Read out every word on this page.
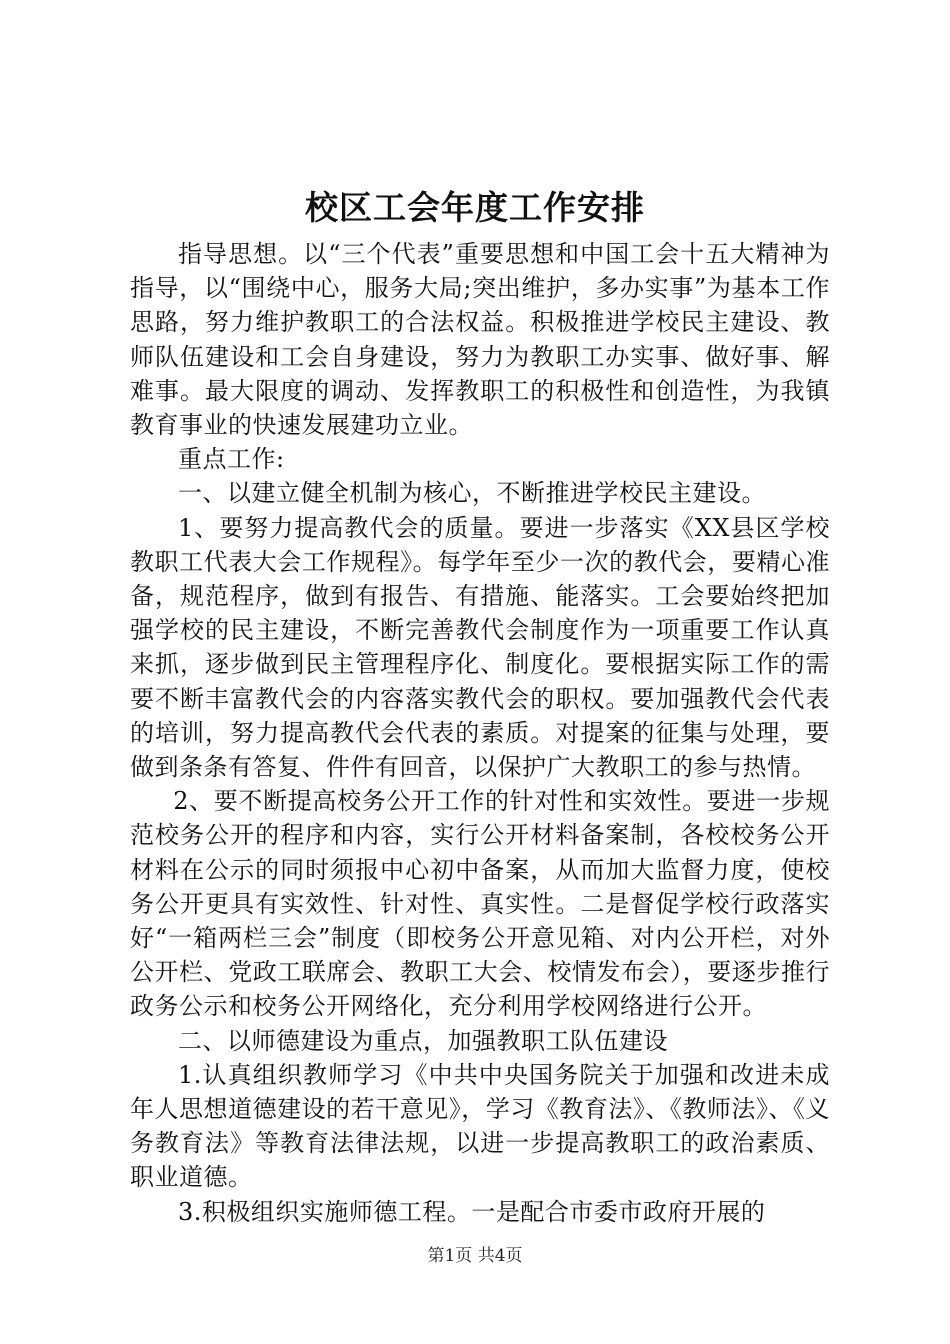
校区工会年度工作安排

指导思想。以“三个代表”重要思想和中国工会十五大精神为指导，以“围绕中心，服务大局;突出维护，多办实事”为基本工作思路，努力维护教职工的合法权益。积极推进学校民主建设、教师队伍建设和工会自身建设，努力为教职工办实事、做好事、解难事。最大限度的调动、发挥教职工的积极性和创造性，为我镇教育事业的快速发展建功立业。

重点工作:

一、以建立健全机制为核心，不断推进学校民主建设。

1、要努力提高教代会的质量。要进一步落实《XX县区学校教职工代表大会工作规程》。每学年至少一次的教代会，要精心准备，规范程序，做到有报告、有措施、能落实。工会要始终把加强学校的民主建设，不断完善教代会制度作为一项重要工作认真来抓，逐步做到民主管理程序化、制度化。要根据实际工作的需要不断丰富教代会的内容落实教代会的职权。要加强教代会代表的培训，努力提高教代会代表的素质。对提案的征集与处理，要做到条条有答复、件件有回音，以保护广大教职工的参与热情。

2、要不断提高校务公开工作的针对性和实效性。要进一步规范校务公开的程序和内容，实行公开材料备案制，各校校务公开材料在公示的同时须报中心初中备案，从而加大监督力度，使校务公开更具有实效性、针对性、真实性。二是督促学校行政落实好“一箱两栏三会”制度（即校务公开意见箱、对内公开栏，对外公开栏、党政工联席会、教职工大会、校情发布会），要逐步推行政务公示和校务公开网络化，充分利用学校网络进行公开。

二、以师德建设为重点，加强教职工队伍建设

1.认真组织教师学习《中共中央国务院关于加强和改进未成年人思想道德建设的若干意见》，学习《教育法》、《教师法》、《义务教育法》等教育法律法规，以进一步提高教职工的政治素质、职业道德。

3.积极组织实施师德工程。一是配合市委市政府开展的

第1页 共4页
